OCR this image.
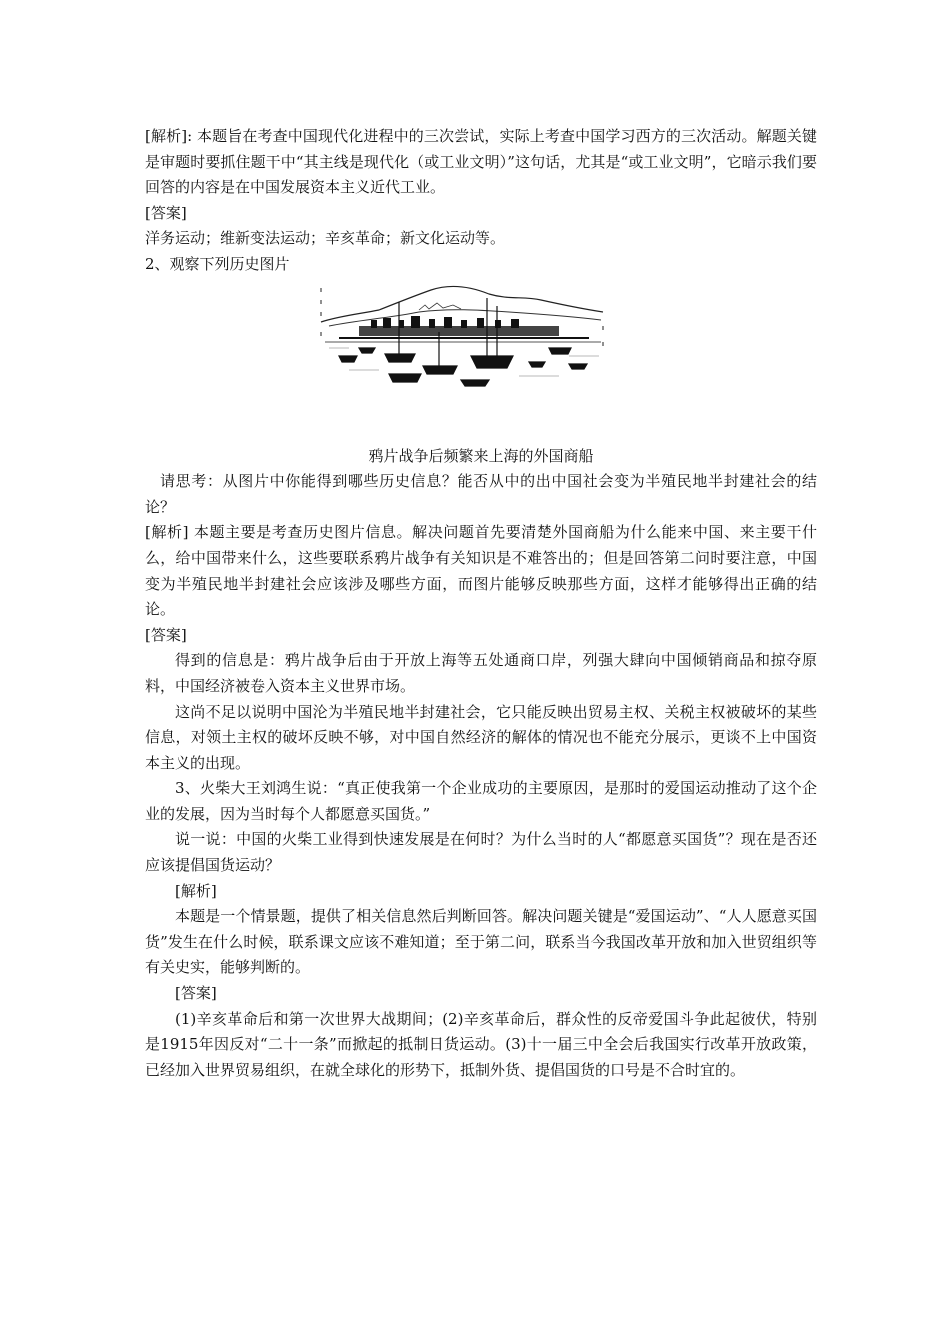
[解析]: 本题旨在考查中国现代化进程中的三次尝试，实际上考查中国学习西方的三次活动。解题关键是审题时要抓住题干中“其主线是现代化（或工业文明）”这句话，尤其是“或工业文明”，它暗示我们要回答的内容是在中国发展资本主义近代工业。

[答案]

洋务运动；维新变法运动；辛亥革命；新文化运动等。

2、观察下列历史图片

鸦片战争后频繁来上海的外国商船

请思考：从图片中你能得到哪些历史信息？能否从中的出中国社会变为半殖民地半封建社会的结论？

[解析] 本题主要是考查历史图片信息。解决问题首先要清楚外国商船为什么能来中国、来主要干什么，给中国带来什么，这些要联系鸦片战争有关知识是不难答出的；但是回答第二问时要注意，中国变为半殖民地半封建社会应该涉及哪些方面，而图片能够反映那些方面，这样才能够得出正确的结论。

[答案]

得到的信息是：鸦片战争后由于开放上海等五处通商口岸，列强大肆向中国倾销商品和掠夺原料，中国经济被卷入资本主义世界市场。

这尚不足以说明中国沦为半殖民地半封建社会，它只能反映出贸易主权、关税主权被破坏的某些信息，对领土主权的破坏反映不够，对中国自然经济的解体的情况也不能充分展示，更谈不上中国资本主义的出现。

3、火柴大王刘鸿生说：“真正使我第一个企业成功的主要原因，是那时的爱国运动推动了这个企业的发展，因为当时每个人都愿意买国货。”

说一说：中国的火柴工业得到快速发展是在何时？为什么当时的人“都愿意买国货”？现在是否还应该提倡国货运动？

[解析]

本题是一个情景题，提供了相关信息然后判断回答。解决问题关键是“爱国运动”、“人人愿意买国货”发生在什么时候，联系课文应该不难知道；至于第二问，联系当今我国改革开放和加入世贸组织等有关史实，能够判断的。

[答案]

(1)辛亥革命后和第一次世界大战期间；(2)辛亥革命后，群众性的反帝爱国斗争此起彼伏，特别是1915年因反对“二十一条”而掀起的抵制日货运动。(3)十一届三中全会后我国实行改革开放政策，已经加入世界贸易组织，在就全球化的形势下，抵制外货、提倡国货的口号是不合时宜的。
